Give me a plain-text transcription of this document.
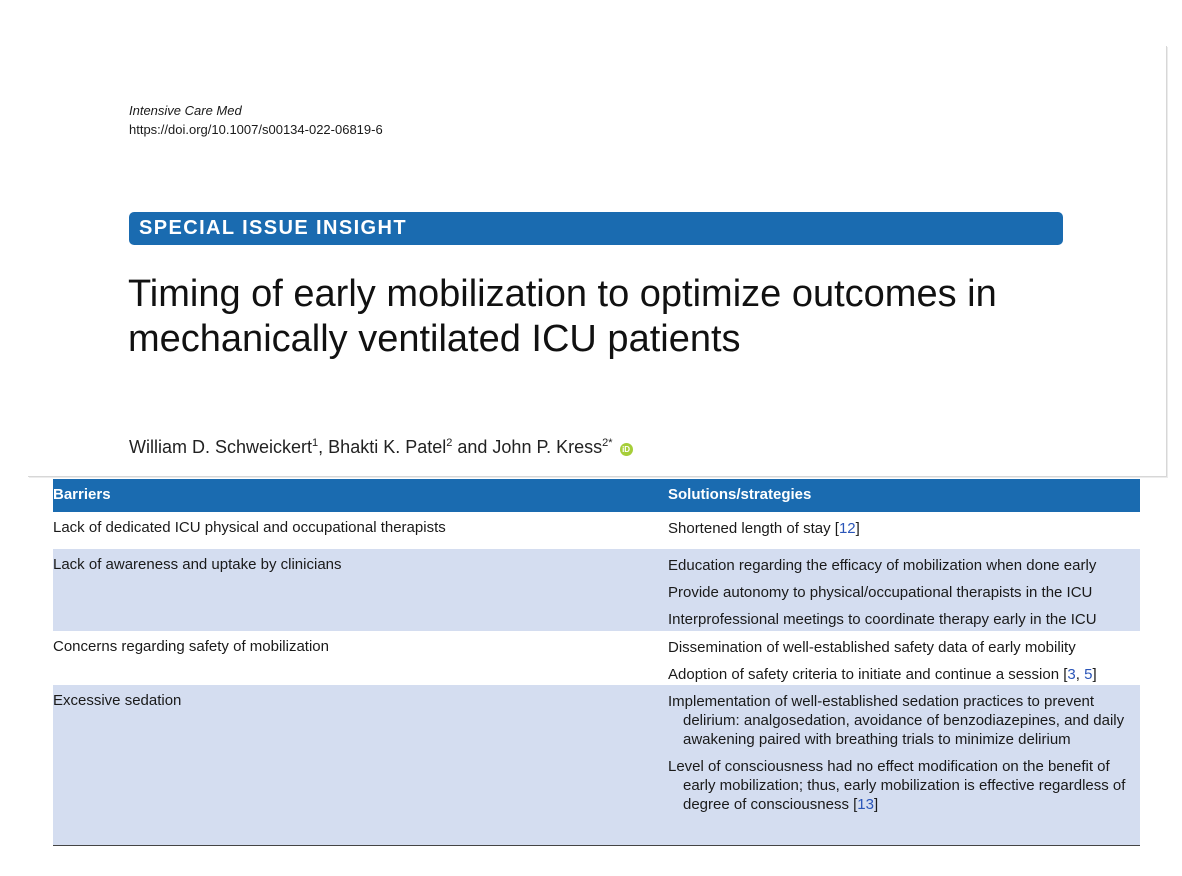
Intensive Care Med
https://doi.org/10.1007/s00134-022-06819-6
SPECIAL ISSUE INSIGHT
Timing of early mobilization to optimize outcomes in mechanically ventilated ICU patients
William D. Schweickert$^1$, Bhakti K. Patel$^2$ and John P. Kress$^{2*}$ iD
Barriers	Solutions/strategies
Lack of dedicated ICU physical and occupational therapists	Shortened length of stay [12]
Lack of awareness and uptake by clinicians	Education regarding the efficacy of mobilization when done early
Provide autonomy to physical/occupational therapists in the ICU
Interprofessional meetings to coordinate therapy early in the ICU
Concerns regarding safety of mobilization	Dissemination of well-established safety data of early mobility
Adoption of safety criteria to initiate and continue a session [3, 5]
Excessive sedation	Implementation of well-established sedation practices to prevent delirium: analgosedation, avoidance of benzodiazepines, and daily awakening paired with breathing trials to minimize delirium
Level of consciousness had no effect modification on the benefit of early mobilization; thus, early mobilization is effective regardless of degree of consciousness [13]
